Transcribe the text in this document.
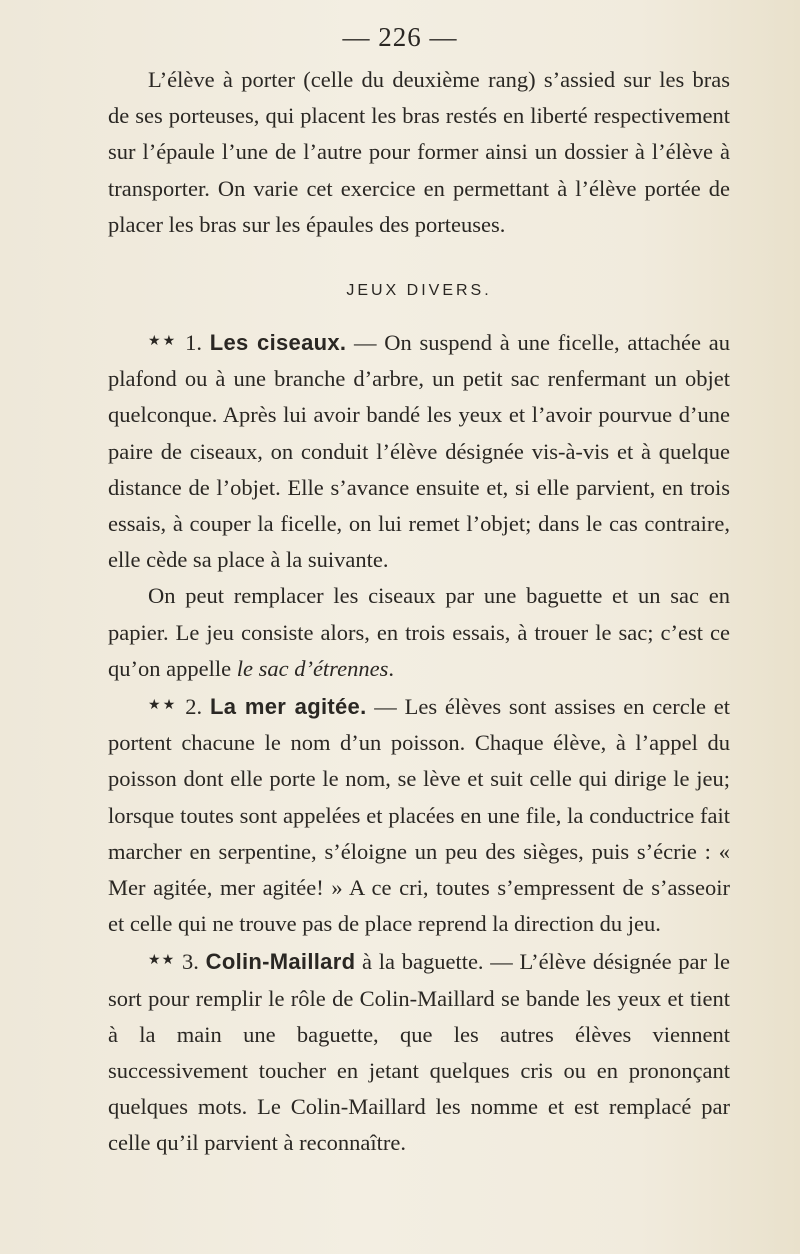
— 226 —

L’élève à porter (celle du deuxième rang) s’assied sur les bras de ses porteuses, qui placent les bras restés en liberté respectivement sur l’épaule l’une de l’autre pour former ainsi un dossier à l’élève à transporter. On varie cet exercice en permettant à l’élève portée de placer les bras sur les épaules des porteuses.

JEUX DIVERS.

★★ 1. Les ciseaux. — On suspend à une ficelle, attachée au plafond ou à une branche d’arbre, un petit sac renfermant un objet quelconque. Après lui avoir bandé les yeux et l’avoir pourvue d’une paire de ciseaux, on conduit l’élève désignée vis-à-vis et à quelque distance de l’objet. Elle s’avance ensuite et, si elle parvient, en trois essais, à couper la ficelle, on lui remet l’objet; dans le cas contraire, elle cède sa place à la suivante.

On peut remplacer les ciseaux par une baguette et un sac en papier. Le jeu consiste alors, en trois essais, à trouer le sac; c’est ce qu’on appelle le sac d’étrennes.

★★ 2. La mer agitée. — Les élèves sont assises en cercle et portent chacune le nom d’un poisson. Chaque élève, à l’appel du poisson dont elle porte le nom, se lève et suit celle qui dirige le jeu; lorsque toutes sont appelées et placées en une file, la conductrice fait marcher en serpentine, s’éloigne un peu des sièges, puis s’écrie : « Mer agitée, mer agitée! » A ce cri, toutes s’empressent de s’asseoir et celle qui ne trouve pas de place reprend la direction du jeu.

★★ 3. Colin-Maillard à la baguette. — L’élève désignée par le sort pour remplir le rôle de Colin-Maillard se bande les yeux et tient à la main une baguette, que les autres élèves viennent successivement toucher en jetant quelques cris ou en prononçant quelques mots. Le Colin-Maillard les nomme et est remplacé par celle qu’il parvient à reconnaître.
